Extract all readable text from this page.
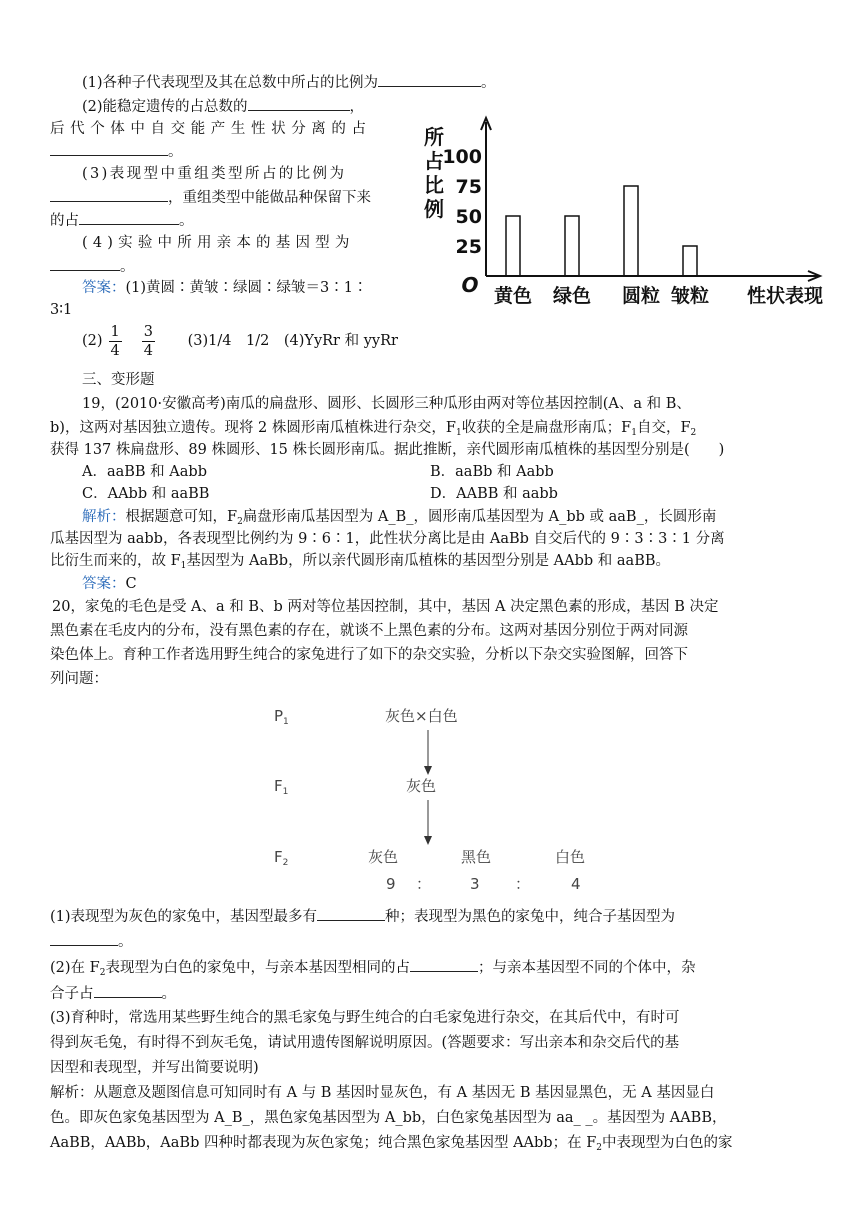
(1)各种子代表现型及其在总数中所占的比例为	。
(2)能稳定遗传的占总数的	，
后代个体中自交能产生性状分离的占
。
(3)表现型中重组类型所占的比例为
，重组类型中能做品种保留下来
的占	。
(4)实验中所用亲本的基因型为
。
答案：(1)黄圆∶黄皱∶绿圆∶绿皱＝3∶1∶
3∶1
$(2) \frac{1}{4} \frac{3}{4} (3)1/4$　1/2　(4)YyRr 和 yyRr
所
占
比
例
25
50
75
100
O 黄色 绿色 圆粒 皱粒 性状表现
三、变形题
19，(2010·安徽高考)南瓜的扁盘形、圆形、长圆形三种瓜形由两对等位基因控制(A、a 和 B、
b)，这两对基因独立遗传。现将 2 株圆形南瓜植株进行杂交，$F_1$收获的全是扁盘形南瓜；$F_1$自交，$F_2$
获得 137 株扁盘形、89 株圆形、15 株长圆形南瓜。据此推断，亲代圆形南瓜植株的基因型分别是(　　)
A．aaBB 和 Aabb	B．aaBb 和 Aabb
C．AAbb 和 aaBB	D．AABB 和 aabb
解析：根据题意可知，$F_2$扁盘形南瓜基因型为 A_B_，圆形南瓜基因型为 A_bb 或 aaB_，长圆形南
瓜基因型为 aabb，各表现型比例约为 9∶6∶1，此性状分离比是由 AaBb 自交后代的 9∶3∶3∶1 分离
比衍生而来的，故 $F_1$基因型为 AaBb，所以亲代圆形南瓜植株的基因型分别是 AAbb 和 aaBB。
答案：C
20，家兔的毛色是受 A、a 和 B、b 两对等位基因控制，其中，基因 A 决定黑色素的形成，基因 B 决定
黑色素在毛皮内的分布，没有黑色素的存在，就谈不上黑色素的分布。这两对基因分别位于两对同源
染色体上。育种工作者选用野生纯合的家兔进行了如下的杂交实验，分析以下杂交实验图解，回答下
列问题：
$P_1$	灰色×白色
$F_1$	灰色
$F_2$	灰色	黑色	白色
9 ：	3 ：	4
(1)表现型为灰色的家兔中，基因型最多有	种；表现型为黑色的家兔中，纯合子基因型为
。
(2)在 $F_2$表现型为白色的家兔中，与亲本基因型相同的占	；与亲本基因型不同的个体中，杂
合子占	。
(3)育种时，常选用某些野生纯合的黑毛家兔与野生纯合的白毛家兔进行杂交，在其后代中，有时可
得到灰毛兔，有时得不到灰毛兔，请试用遗传图解说明原因。(答题要求：写出亲本和杂交后代的基
因型和表现型，并写出简要说明)
解析：从题意及题图信息可知同时有 A 与 B 基因时显灰色，有 A 基因无 B 基因显黑色，无 A 基因显白
色。即灰色家兔基因型为 A_B_，黑色家兔基因型为 A_bb，白色家兔基因型为 aa_ _。基因型为 AABB，
AaBB，AABb，AaBb 四种时都表现为灰色家兔；纯合黑色家兔基因型 AAbb；在 $F_2$中表现型为白色的家
